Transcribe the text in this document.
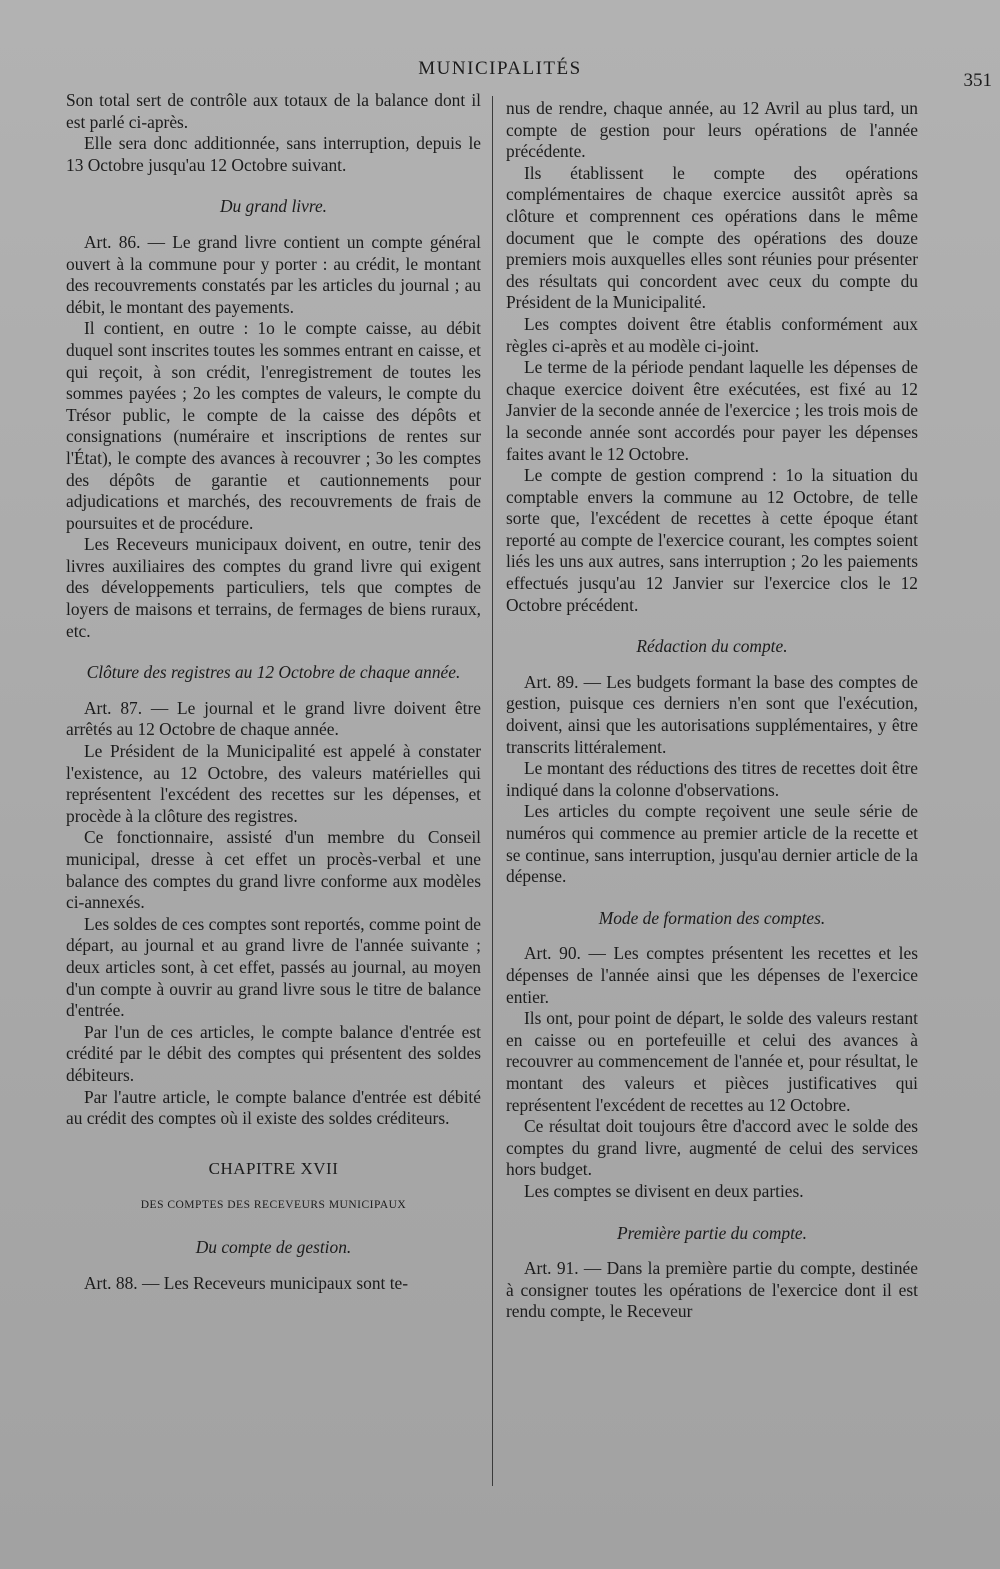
MUNICIPALITÉS
351

Son total sert de contrôle aux totaux de la balance dont il est parlé ci-après.

Elle sera donc additionnée, sans interruption, depuis le 13 Octobre jusqu'au 12 Octobre suivant.

Du grand livre.

Art. 86. — Le grand livre contient un compte général ouvert à la commune pour y porter : au crédit, le montant des recouvrements constatés par les articles du journal ; au débit, le montant des payements.

Il contient, en outre : 1o le compte caisse, au débit duquel sont inscrites toutes les sommes entrant en caisse, et qui reçoit, à son crédit, l'enregistrement de toutes les sommes payées ; 2o les comptes de valeurs, le compte du Trésor public, le compte de la caisse des dépôts et consignations (numéraire et inscriptions de rentes sur l'État), le compte des avances à recouvrer ; 3o les comptes des dépôts de garantie et cautionnements pour adjudications et marchés, des recouvrements de frais de poursuites et de procédure.

Les Receveurs municipaux doivent, en outre, tenir des livres auxiliaires des comptes du grand livre qui exigent des développements particuliers, tels que comptes de loyers de maisons et terrains, de fermages de biens ruraux, etc.

Clôture des registres au 12 Octobre de chaque année.

Art. 87. — Le journal et le grand livre doivent être arrêtés au 12 Octobre de chaque année.

Le Président de la Municipalité est appelé à constater l'existence, au 12 Octobre, des valeurs matérielles qui représentent l'excédent des recettes sur les dépenses, et procède à la clôture des registres.

Ce fonctionnaire, assisté d'un membre du Conseil municipal, dresse à cet effet un procès-verbal et une balance des comptes du grand livre conforme aux modèles ci-annexés.

Les soldes de ces comptes sont reportés, comme point de départ, au journal et au grand livre de l'année suivante ; deux articles sont, à cet effet, passés au journal, au moyen d'un compte à ouvrir au grand livre sous le titre de balance d'entrée.

Par l'un de ces articles, le compte balance d'entrée est crédité par le débit des comptes qui présentent des soldes débiteurs.

Par l'autre article, le compte balance d'entrée est débité au crédit des comptes où il existe des soldes créditeurs.

CHAPITRE XVII
DES COMPTES DES RECEVEURS MUNICIPAUX
Du compte de gestion.

Art. 88. — Les Receveurs municipaux sont te-

nus de rendre, chaque année, au 12 Avril au plus tard, un compte de gestion pour leurs opérations de l'année précédente.

Ils établissent le compte des opérations complémentaires de chaque exercice aussitôt après sa clôture et comprennent ces opérations dans le même document que le compte des opérations des douze premiers mois auxquelles elles sont réunies pour présenter des résultats qui concordent avec ceux du compte du Président de la Municipalité.

Les comptes doivent être établis conformément aux règles ci-après et au modèle ci-joint.

Le terme de la période pendant laquelle les dépenses de chaque exercice doivent être exécutées, est fixé au 12 Janvier de la seconde année de l'exercice ; les trois mois de la seconde année sont accordés pour payer les dépenses faites avant le 12 Octobre.

Le compte de gestion comprend : 1o la situation du comptable envers la commune au 12 Octobre, de telle sorte que, l'excédent de recettes à cette époque étant reporté au compte de l'exercice courant, les comptes soient liés les uns aux autres, sans interruption ; 2o les paiements effectués jusqu'au 12 Janvier sur l'exercice clos le 12 Octobre précédent.

Rédaction du compte.

Art. 89. — Les budgets formant la base des comptes de gestion, puisque ces derniers n'en sont que l'exécution, doivent, ainsi que les autorisations supplémentaires, y être transcrits littéralement.

Le montant des réductions des titres de recettes doit être indiqué dans la colonne d'observations.

Les articles du compte reçoivent une seule série de numéros qui commence au premier article de la recette et se continue, sans interruption, jusqu'au dernier article de la dépense.

Mode de formation des comptes.

Art. 90. — Les comptes présentent les recettes et les dépenses de l'année ainsi que les dépenses de l'exercice entier.

Ils ont, pour point de départ, le solde des valeurs restant en caisse ou en portefeuille et celui des avances à recouvrer au commencement de l'année et, pour résultat, le montant des valeurs et pièces justificatives qui représentent l'excédent de recettes au 12 Octobre.

Ce résultat doit toujours être d'accord avec le solde des comptes du grand livre, augmenté de celui des services hors budget.

Les comptes se divisent en deux parties.

Première partie du compte.

Art. 91. — Dans la première partie du compte, destinée à consigner toutes les opérations de l'exercice dont il est rendu compte, le Receveur
